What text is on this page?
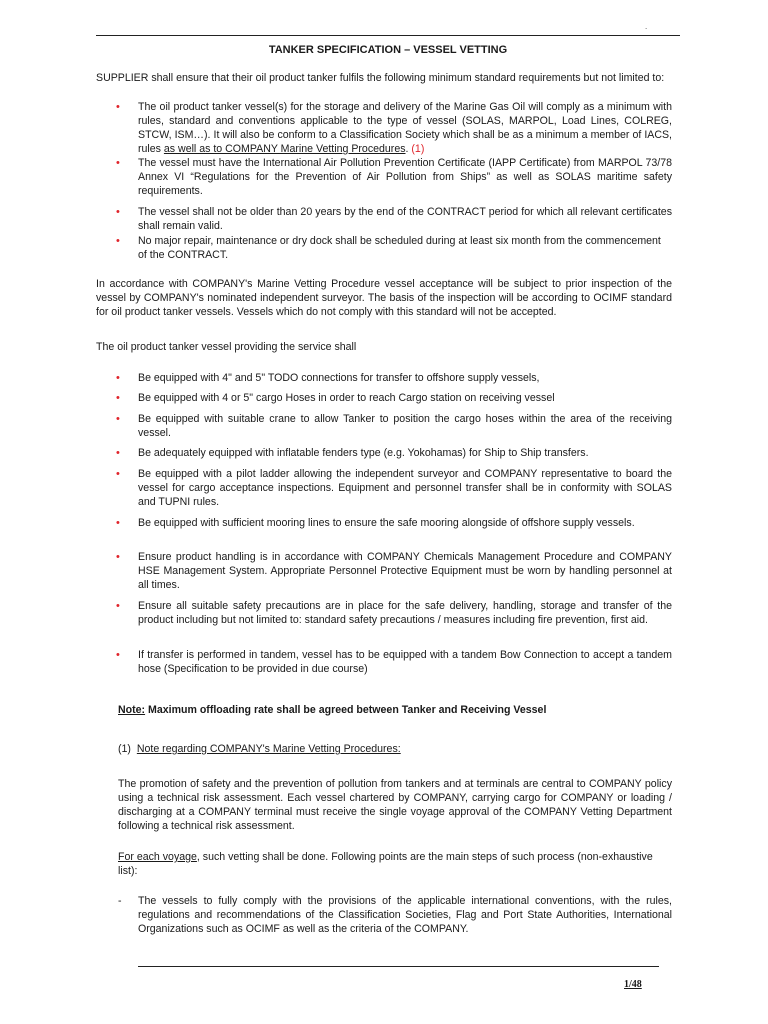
.
TANKER SPECIFICATION – VESSEL VETTING

SUPPLIER shall ensure that their oil product tanker fulfils the following minimum standard requirements but not limited to:

• The oil product tanker vessel(s) for the storage and delivery of the Marine Gas Oil will comply as a minimum with rules, standard and conventions applicable to the type of vessel (SOLAS, MARPOL, Load Lines, COLREG, STCW, ISM…). It will also be conform to a Classification Society which shall be as a minimum a member of IACS, rules as well as to COMPANY Marine Vetting Procedures. (1)
• The vessel must have the International Air Pollution Prevention Certificate (IAPP Certificate) from MARPOL 73/78 Annex VI “Regulations for the Prevention of Air Pollution from Ships” as well as SOLAS maritime safety requirements.
• The vessel shall not be older than 20 years by the end of the CONTRACT period for which all relevant certificates shall remain valid.
• No major repair, maintenance or dry dock shall be scheduled during at least six month from the commencement of the CONTRACT.

In accordance with COMPANY's Marine Vetting Procedure vessel acceptance will be subject to prior inspection of the vessel by COMPANY's nominated independent surveyor. The basis of the inspection will be according to OCIMF standard for oil product tanker vessels. Vessels which do not comply with this standard will not be accepted.

The oil product tanker vessel providing the service shall

• Be equipped with 4" and 5" TODO connections for transfer to offshore supply vessels,
• Be equipped with 4 or 5" cargo Hoses in order to reach Cargo station on receiving vessel
• Be equipped with suitable crane to allow Tanker to position the cargo hoses within the area of the receiving vessel.
• Be adequately equipped with inflatable fenders type (e.g. Yokohamas) for Ship to Ship transfers.
• Be equipped with a pilot ladder allowing the independent surveyor and COMPANY representative to board the vessel for cargo acceptance inspections. Equipment and personnel transfer shall be in conformity with SOLAS and TUPNI rules.
• Be equipped with sufficient mooring lines to ensure the safe mooring alongside of offshore supply vessels.
• Ensure product handling is in accordance with COMPANY Chemicals Management Procedure and COMPANY HSE Management System. Appropriate Personnel Protective Equipment must be worn by handling personnel at all times.
• Ensure all suitable safety precautions are in place for the safe delivery, handling, storage and transfer of the product including but not limited to: standard safety precautions / measures including fire prevention, first aid.
• If transfer is performed in tandem, vessel has to be equipped with a tandem Bow Connection to accept a tandem hose (Specification to be provided in due course)
Note: Maximum offloading rate shall be agreed between Tanker and Receiving Vessel
(1) Note regarding COMPANY's Marine Vetting Procedures:

The promotion of safety and the prevention of pollution from tankers and at terminals are central to COMPANY policy using a technical risk assessment. Each vessel chartered by COMPANY, carrying cargo for COMPANY or loading / discharging at a COMPANY terminal must receive the single voyage approval of the COMPANY Vetting Department following a technical risk assessment.

For each voyage, such vetting shall be done. Following points are the main steps of such process (non-exhaustive list):
- The vessels to fully comply with the provisions of the applicable international conventions, with the rules, regulations and recommendations of the Classification Societies, Flag and Port State Authorities, International Organizations such as OCIMF as well as the criteria of the COMPANY.
1/48
